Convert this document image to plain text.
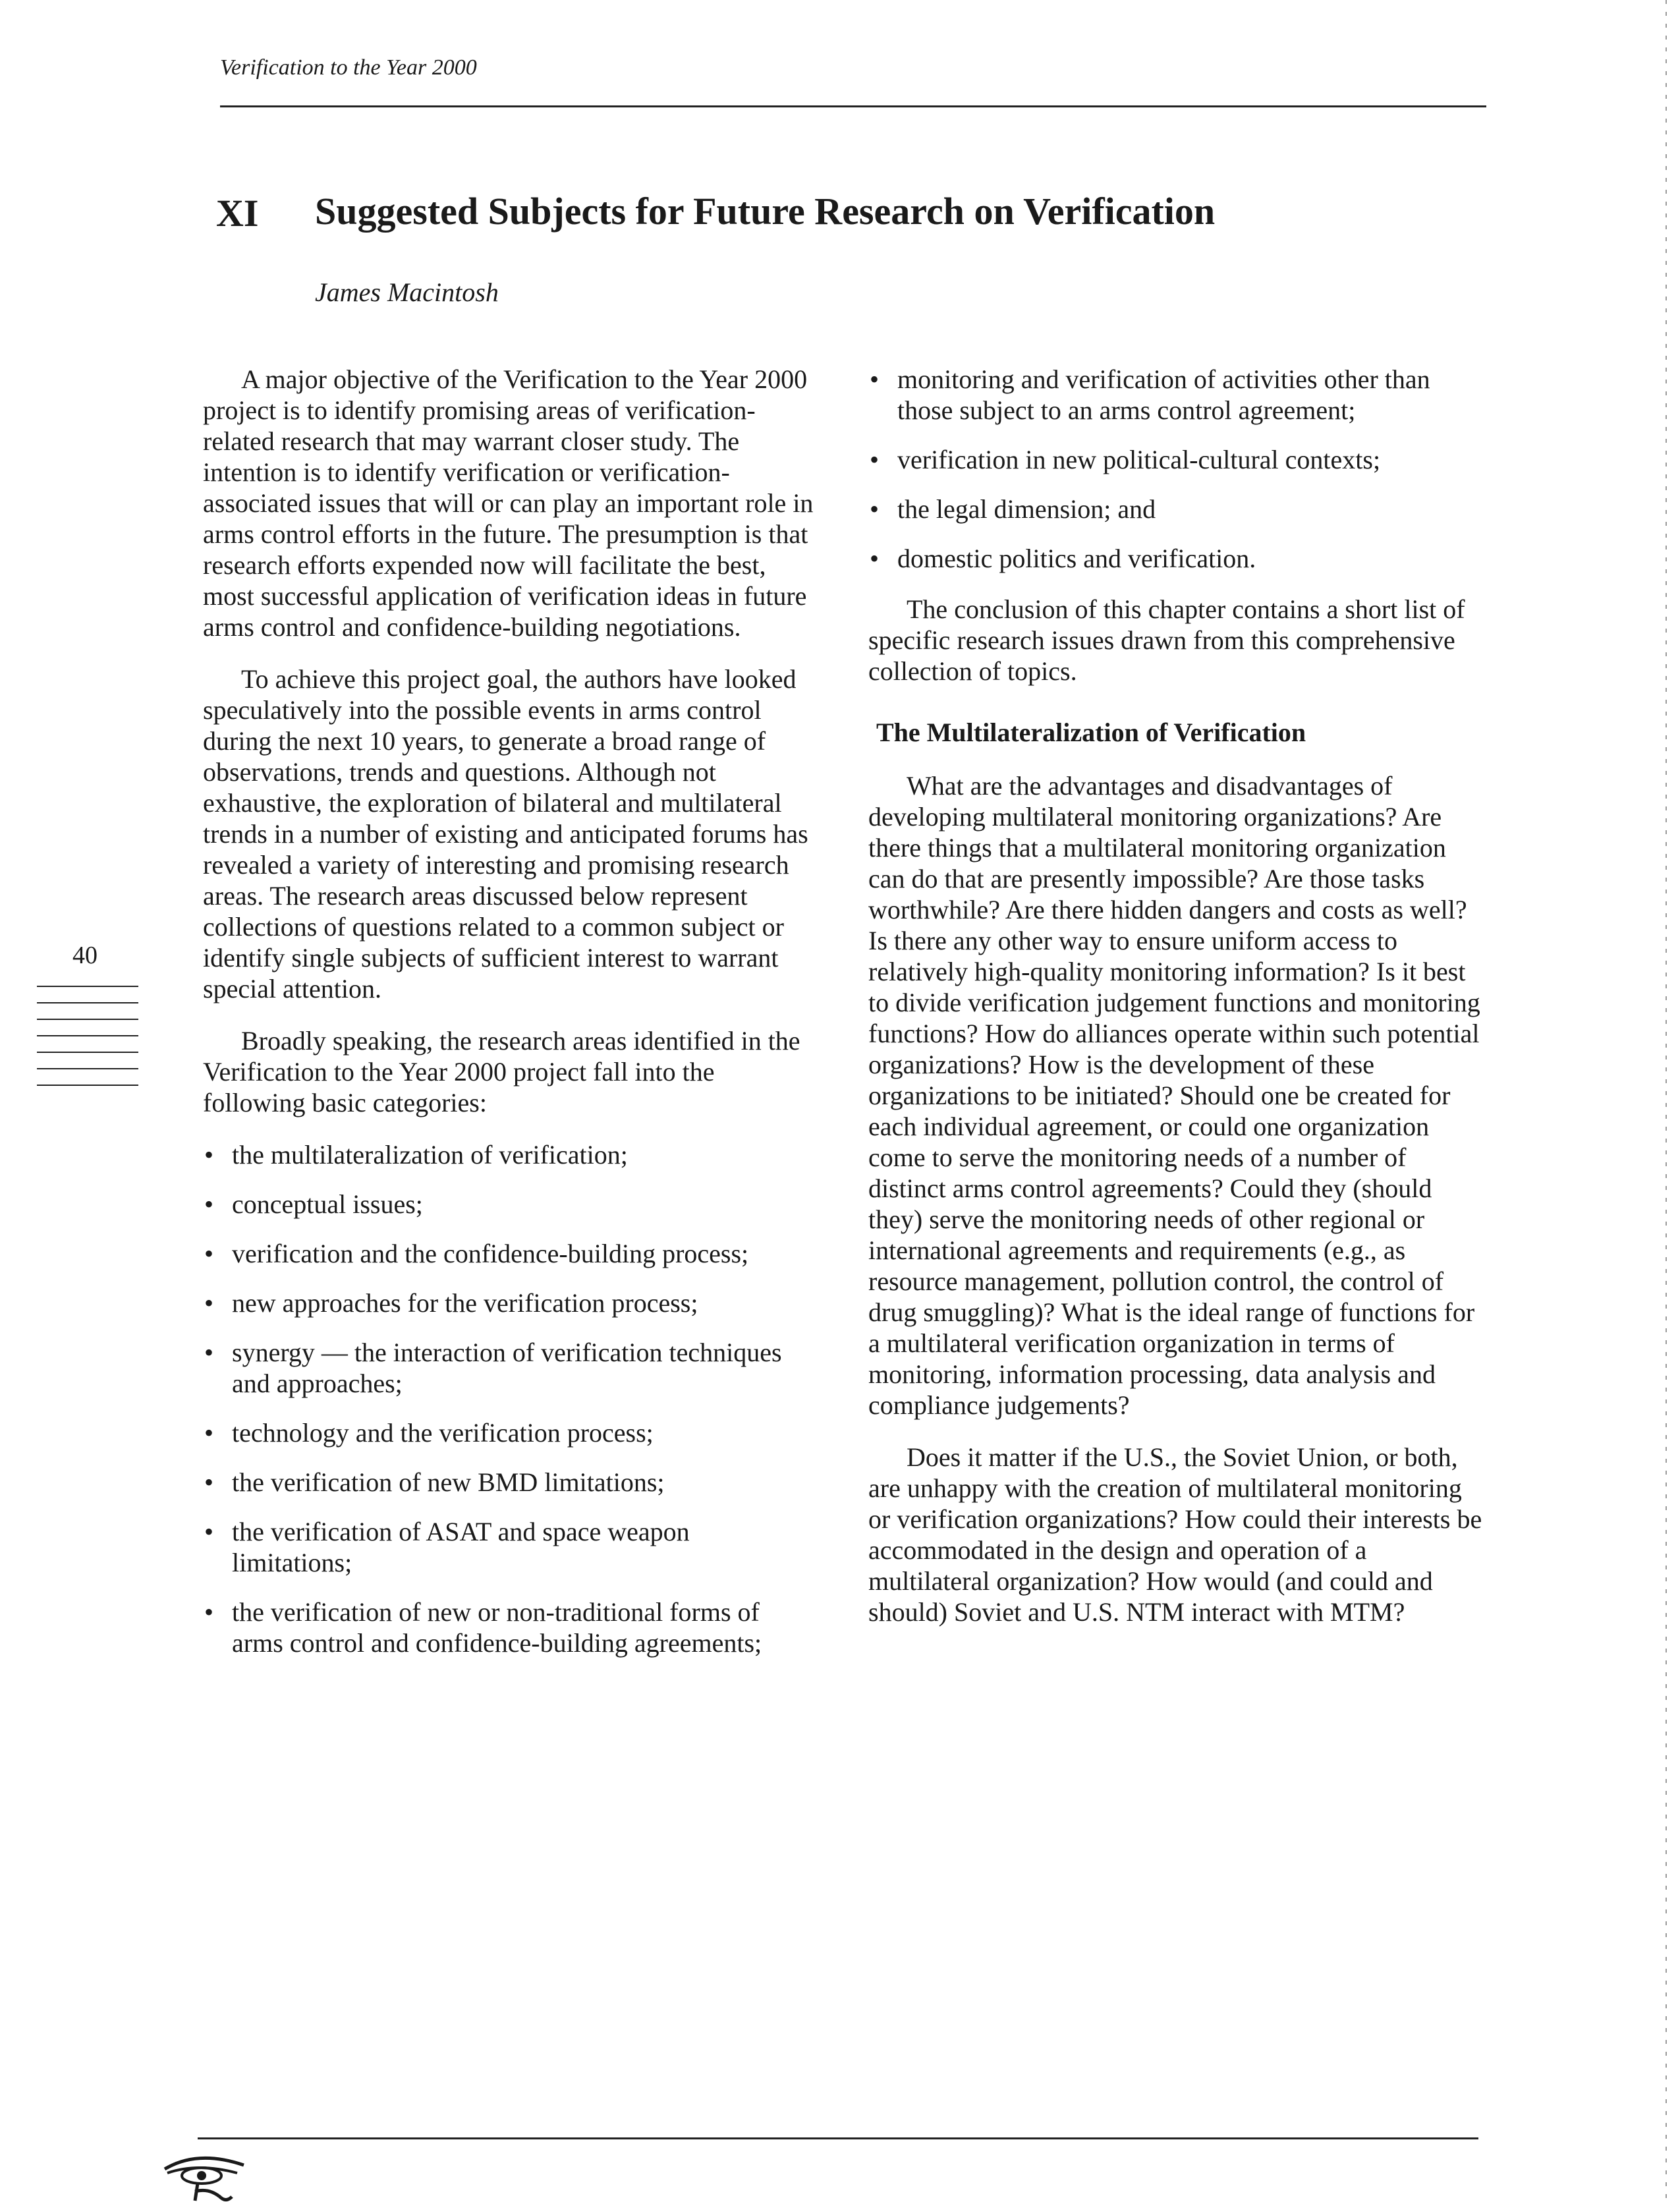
Verification to the Year 2000
XI Suggested Subjects for Future Research on Verification
James Macintosh
40

A major objective of the Verification to the Year 2000 project is to identify promising areas of verification-related research that may warrant closer study. The intention is to identify verification or verification-associated issues that will or can play an important role in arms control efforts in the future. The presumption is that research efforts expended now will facilitate the best, most successful application of verification ideas in future arms control and confidence-building negotiations.

To achieve this project goal, the authors have looked speculatively into the possible events in arms control during the next 10 years, to generate a broad range of observations, trends and questions. Although not exhaustive, the exploration of bilateral and multilateral trends in a number of existing and anticipated forums has revealed a variety of interesting and promising research areas. The research areas discussed below represent collections of questions related to a common subject or identify single subjects of sufficient interest to warrant special attention.

Broadly speaking, the research areas identified in the Verification to the Year 2000 project fall into the following basic categories:

• the multilateralization of verification;
• conceptual issues;
• verification and the confidence-building process;
• new approaches for the verification process;
• synergy — the interaction of verification techniques and approaches;
• technology and the verification process;
• the verification of new BMD limitations;
• the verification of ASAT and space weapon limitations;
• the verification of new or non-traditional forms of arms control and confidence-building agreements;
• monitoring and verification of activities other than those subject to an arms control agreement;
• verification in new political-cultural contexts;
• the legal dimension; and
• domestic politics and verification.

The conclusion of this chapter contains a short list of specific research issues drawn from this comprehensive collection of topics.

The Multilateralization of Verification

What are the advantages and disadvantages of developing multilateral monitoring organizations? Are there things that a multilateral monitoring organization can do that are presently impossible? Are those tasks worthwhile? Are there hidden dangers and costs as well? Is there any other way to ensure uniform access to relatively high-quality monitoring information? Is it best to divide verification judgement functions and monitoring functions? How do alliances operate within such potential organizations? How is the development of these organizations to be initiated? Should one be created for each individual agreement, or could one organization come to serve the monitoring needs of a number of distinct arms control agreements? Could they (should they) serve the monitoring needs of other regional or international agreements and requirements (e.g., as resource management, pollution control, the control of drug smuggling)? What is the ideal range of functions for a multilateral verification organization in terms of monitoring, information processing, data analysis and compliance judgements?

Does it matter if the U.S., the Soviet Union, or both, are unhappy with the creation of multilateral monitoring or verification organizations? How could their interests be accommodated in the design and operation of a multilateral organization? How would (and could and should) Soviet and U.S. NTM interact with MTM?
